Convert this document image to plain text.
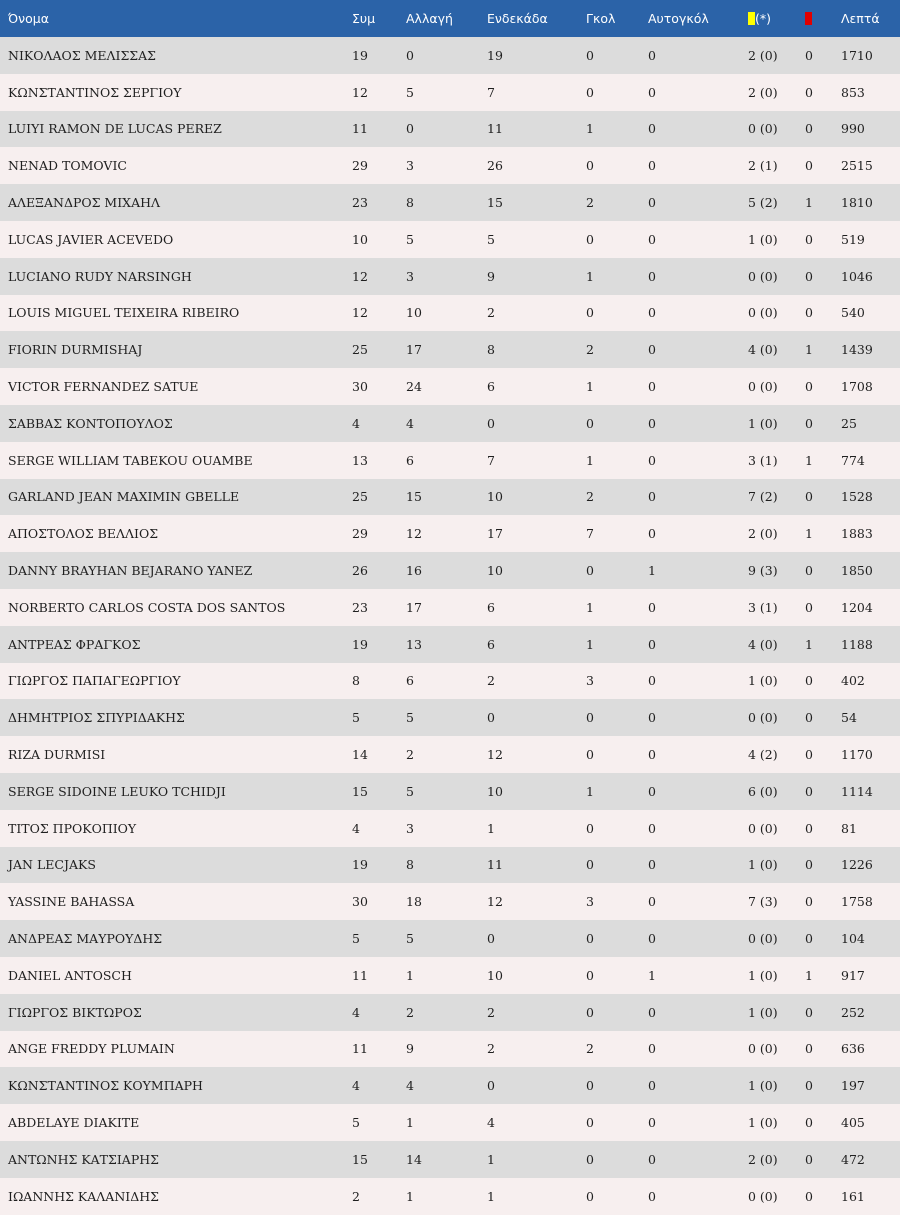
Όνομα	Συμ	Αλλαγή	Ενδεκάδα	Γκολ	Αυτογκόλ	(*)		Λεπτά
ΝΙΚΟΛΑΟΣ ΜΕΛΙΣΣΑΣ	19	0	19	0	0	2 (0)	0	1710
ΚΩΝΣΤΑΝΤΙΝΟΣ ΣΕΡΓΙΟΥ	12	5	7	0	0	2 (0)	0	853
LUIYI RAMON DE LUCAS PEREZ	11	0	11	1	0	0 (0)	0	990
NENAD TOMOVIC	29	3	26	0	0	2 (1)	0	2515
ΑΛΕΞΑΝΔΡΟΣ ΜΙΧΑΗΛ	23	8	15	2	0	5 (2)	1	1810
LUCAS JAVIER ACEVEDO	10	5	5	0	0	1 (0)	0	519
LUCIANO RUDY NARSINGH	12	3	9	1	0	0 (0)	0	1046
LOUIS MIGUEL TEIXEIRA RIBEIRO	12	10	2	0	0	0 (0)	0	540
FIORIN DURMISHAJ	25	17	8	2	0	4 (0)	1	1439
VICTOR FERNANDEZ SATUE	30	24	6	1	0	0 (0)	0	1708
ΣΑΒΒΑΣ ΚΟΝΤΟΠΟΥΛΟΣ	4	4	0	0	0	1 (0)	0	25
SERGE WILLIAM TABEKOU OUAMBE	13	6	7	1	0	3 (1)	1	774
GARLAND JEAN MAXIMIN GBELLE	25	15	10	2	0	7 (2)	0	1528
ΑΠΟΣΤΟΛΟΣ ΒΕΛΛΙΟΣ	29	12	17	7	0	2 (0)	1	1883
DANNY BRAYHAN BEJARANO YANEZ	26	16	10	0	1	9 (3)	0	1850
NORBERTO CARLOS COSTA DOS SANTOS	23	17	6	1	0	3 (1)	0	1204
ΑΝΤΡΕΑΣ ΦΡΑΓΚΟΣ	19	13	6	1	0	4 (0)	1	1188
ΓΙΩΡΓΟΣ ΠΑΠΑΓΕΩΡΓΙΟΥ	8	6	2	3	0	1 (0)	0	402
ΔΗΜΗΤΡΙΟΣ ΣΠΥΡΙΔΑΚΗΣ	5	5	0	0	0	0 (0)	0	54
RIZA DURMISI	14	2	12	0	0	4 (2)	0	1170
SERGE SIDOINE LEUKO TCHIDJI	15	5	10	1	0	6 (0)	0	1114
ΤΙΤΟΣ ΠΡΟΚΟΠΙΟΥ	4	3	1	0	0	0 (0)	0	81
JAN LECJAKS	19	8	11	0	0	1 (0)	0	1226
YASSINE BAHASSA	30	18	12	3	0	7 (3)	0	1758
ΑΝΔΡΕΑΣ ΜΑΥΡΟΥΔΗΣ	5	5	0	0	0	0 (0)	0	104
DANIEL ANTOSCH	11	1	10	0	1	1 (0)	1	917
ΓΙΩΡΓΟΣ ΒΙΚΤΩΡΟΣ	4	2	2	0	0	1 (0)	0	252
ANGE FREDDY PLUMAIN	11	9	2	2	0	0 (0)	0	636
ΚΩΝΣΤΑΝΤΙΝΟΣ ΚΟΥΜΠΑΡΗ	4	4	0	0	0	1 (0)	0	197
ABDELAYE DIAKITE	5	1	4	0	0	1 (0)	0	405
ΑΝΤΩΝΗΣ ΚΑΤΣΙΑΡΗΣ	15	14	1	0	0	2 (0)	0	472
ΙΩΑΝΝΗΣ ΚΑΛΑΝΙΔΗΣ	2	1	1	0	0	0 (0)	0	161
